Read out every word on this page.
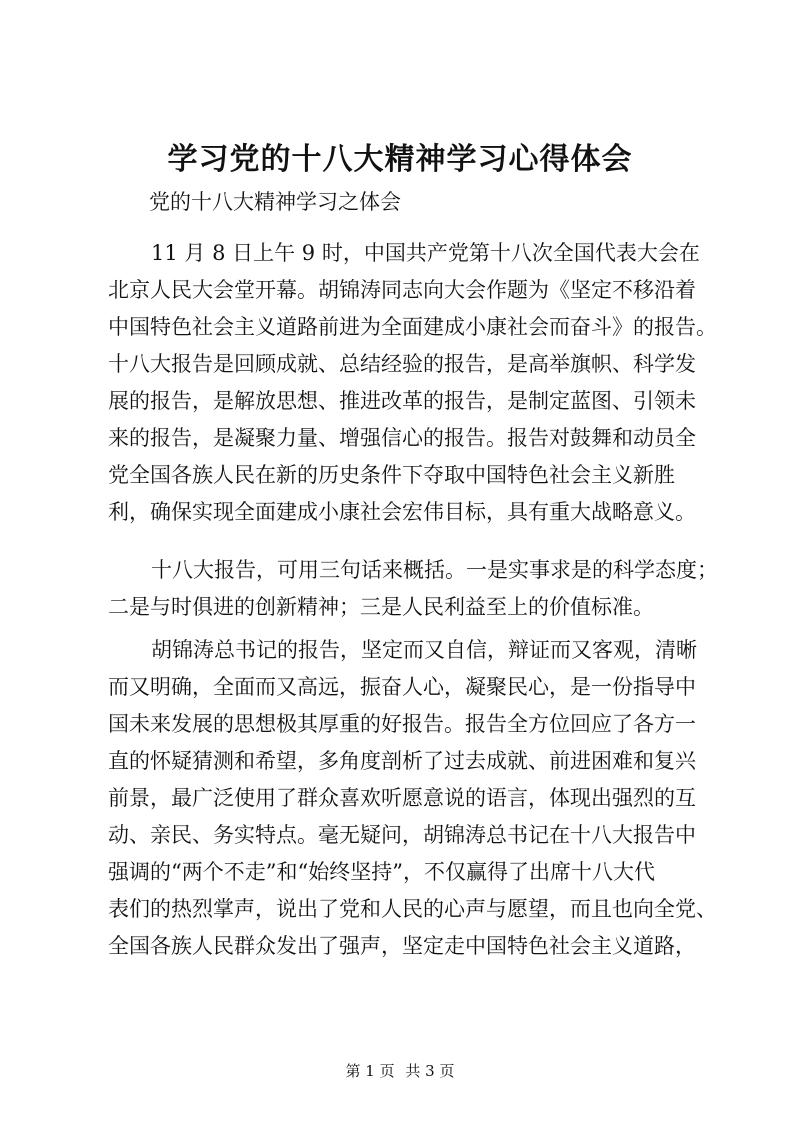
学习党的十八大精神学习心得体会
党的十八大精神学习之体会
11 月 8 日上午 9 时，中国共产党第十八次全国代表大会在
北京人民大会堂开幕。胡锦涛同志向大会作题为《坚定不移沿着
中国特色社会主义道路前进为全面建成小康社会而奋斗》的报告。
十八大报告是回顾成就、总结经验的报告，是高举旗帜、科学发
展的报告，是解放思想、推进改革的报告，是制定蓝图、引领未
来的报告，是凝聚力量、增强信心的报告。报告对鼓舞和动员全
党全国各族人民在新的历史条件下夺取中国特色社会主义新胜
利，确保实现全面建成小康社会宏伟目标，具有重大战略意义。
十八大报告，可用三句话来概括。一是实事求是的科学态度；
二是与时俱进的创新精神；三是人民利益至上的价值标准。
胡锦涛总书记的报告，坚定而又自信，辩证而又客观，清晰
而又明确，全面而又高远，振奋人心，凝聚民心，是一份指导中
国未来发展的思想极其厚重的好报告。报告全方位回应了各方一
直的怀疑猜测和希望，多角度剖析了过去成就、前进困难和复兴
前景，最广泛使用了群众喜欢听愿意说的语言，体现出强烈的互
动、亲民、务实特点。毫无疑问，胡锦涛总书记在十八大报告中
强调的“两个不走”和“始终坚持”，不仅赢得了出席十八大代
表们的热烈掌声，说出了党和人民的心声与愿望，而且也向全党、
全国各族人民群众发出了强声，坚定走中国特色社会主义道路，
第 1 页 共 3 页
